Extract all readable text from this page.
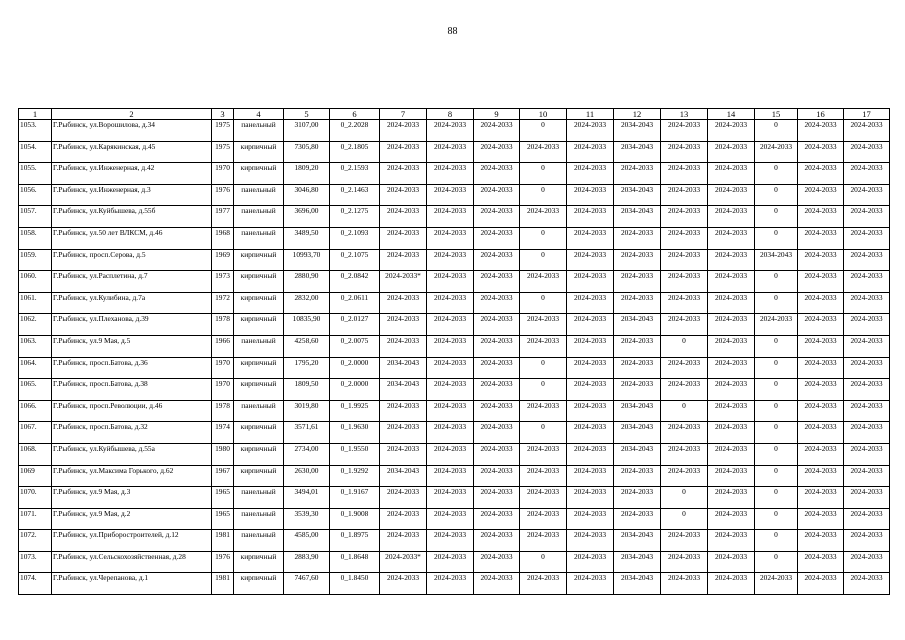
88
1	2	3	4	5	6	7	8	9	10	11	12	13	14	15	16	17
1053.	Г.Рыбинск, ул.Ворошилова, д.34	1975	панельный	3107,00	0_2.2028	2024-2033	2024-2033	2024-2033	0	2024-2033	2034-2043	2024-2033	2024-2033	0	2024-2033	2024-2033
1054.	Г.Рыбинск, ул.Карякинская, д.45	1975	кирпичный	7305,80	0_2.1805	2024-2033	2024-2033	2024-2033	2024-2033	2024-2033	2034-2043	2024-2033	2024-2033	2024-2033	2024-2033	2024-2033
1055.	Г.Рыбинск, ул.Инженерная, д.42	1970	кирпичный	1809,20	0_2.1593	2024-2033	2024-2033	2024-2033	0	2024-2033	2024-2033	2024-2033	2024-2033	0	2024-2033	2024-2033
1056.	Г.Рыбинск, ул.Инженерная, д.3	1976	панельный	3046,80	0_2.1463	2024-2033	2024-2033	2024-2033	0	2024-2033	2034-2043	2024-2033	2024-2033	0	2024-2033	2024-2033
1057.	Г.Рыбинск, ул.Куйбышева, д.55б	1977	панельный	3696,00	0_2.1275	2024-2033	2024-2033	2024-2033	2024-2033	2024-2033	2034-2043	2024-2033	2024-2033	0	2024-2033	2024-2033
1058.	Г.Рыбинск, ул.50 лет ВЛКСМ, д.46	1968	панельный	3489,50	0_2.1093	2024-2033	2024-2033	2024-2033	0	2024-2033	2024-2033	2024-2033	2024-2033	0	2024-2033	2024-2033
1059.	Г.Рыбинск, просп.Серова, д.5	1969	кирпичный	10993,70	0_2.1075	2024-2033	2024-2033	2024-2033	0	2024-2033	2024-2033	2024-2033	2024-2033	2034-2043	2024-2033	2024-2033
1060.	Г.Рыбинск, ул.Расплетина, д.7	1973	кирпичный	2880,90	0_2.0842	2024-2033*	2024-2033	2024-2033	2024-2033	2024-2033	2024-2033	2024-2033	2024-2033	0	2024-2033	2024-2033
1061.	Г.Рыбинск, ул.Кулибина, д.7а	1972	кирпичный	2832,00	0_2.0611	2024-2033	2024-2033	2024-2033	0	2024-2033	2024-2033	2024-2033	2024-2033	0	2024-2033	2024-2033
1062.	Г.Рыбинск, ул.Плеханова, д.39	1978	кирпичный	10835,90	0_2.0127	2024-2033	2024-2033	2024-2033	2024-2033	2024-2033	2034-2043	2024-2033	2024-2033	2024-2033	2024-2033	2024-2033
1063.	Г.Рыбинск, ул.9 Мая, д.5	1966	панельный	4258,60	0_2.0075	2024-2033	2024-2033	2024-2033	2024-2033	2024-2033	2024-2033	0	2024-2033	0	2024-2033	2024-2033
1064.	Г.Рыбинск, просп.Батова, д.36	1970	кирпичный	1795,20	0_2.0000	2034-2043	2024-2033	2024-2033	0	2024-2033	2024-2033	2024-2033	2024-2033	0	2024-2033	2024-2033
1065.	Г.Рыбинск, просп.Батова, д.38	1970	кирпичный	1809,50	0_2.0000	2034-2043	2024-2033	2024-2033	0	2024-2033	2024-2033	2024-2033	2024-2033	0	2024-2033	2024-2033
1066.	Г.Рыбинск, просп.Революции, д.46	1978	панельный	3019,80	0_1.9925	2024-2033	2024-2033	2024-2033	2024-2033	2024-2033	2034-2043	0	2024-2033	0	2024-2033	2024-2033
1067.	Г.Рыбинск, просп.Батова, д.32	1974	кирпичный	3571,61	0_1.9630	2024-2033	2024-2033	2024-2033	0	2024-2033	2034-2043	2024-2033	2024-2033	0	2024-2033	2024-2033
1068.	Г.Рыбинск, ул.Куйбышева, д.55а	1980	кирпичный	2734,00	0_1.9550	2024-2033	2024-2033	2024-2033	2024-2033	2024-2033	2034-2043	2024-2033	2024-2033	0	2024-2033	2024-2033
1069	Г.Рыбинск, ул.Максима Горького, д.62	1967	кирпичный	2630,00	0_1.9292	2034-2043	2024-2033	2024-2033	2024-2033	2024-2033	2024-2033	2024-2033	2024-2033	0	2024-2033	2024-2033
1070.	Г.Рыбинск, ул.9 Мая, д.3	1965	панельный	3494,01	0_1.9167	2024-2033	2024-2033	2024-2033	2024-2033	2024-2033	2024-2033	0	2024-2033	0	2024-2033	2024-2033
1071.	Г.Рыбинск, ул.9 Мая, д.2	1965	панельный	3539,30	0_1.9008	2024-2033	2024-2033	2024-2033	2024-2033	2024-2033	2024-2033	0	2024-2033	0	2024-2033	2024-2033
1072.	Г.Рыбинск, ул.Приборостроителей, д.12	1981	панельный	4585,00	0_1.8975	2024-2033	2024-2033	2024-2033	2024-2033	2024-2033	2034-2043	2024-2033	2024-2033	0	2024-2033	2024-2033
1073.	Г.Рыбинск, ул.Сельскохозяйственная, д.28	1976	кирпичный	2883,90	0_1.8648	2024-2033*	2024-2033	2024-2033	0	2024-2033	2034-2043	2024-2033	2024-2033	0	2024-2033	2024-2033
1074.	Г.Рыбинск, ул.Черепанова, д.1	1981	кирпичный	7467,60	0_1.8450	2024-2033	2024-2033	2024-2033	2024-2033	2024-2033	2034-2043	2024-2033	2024-2033	2024-2033	2024-2033	2024-2033
